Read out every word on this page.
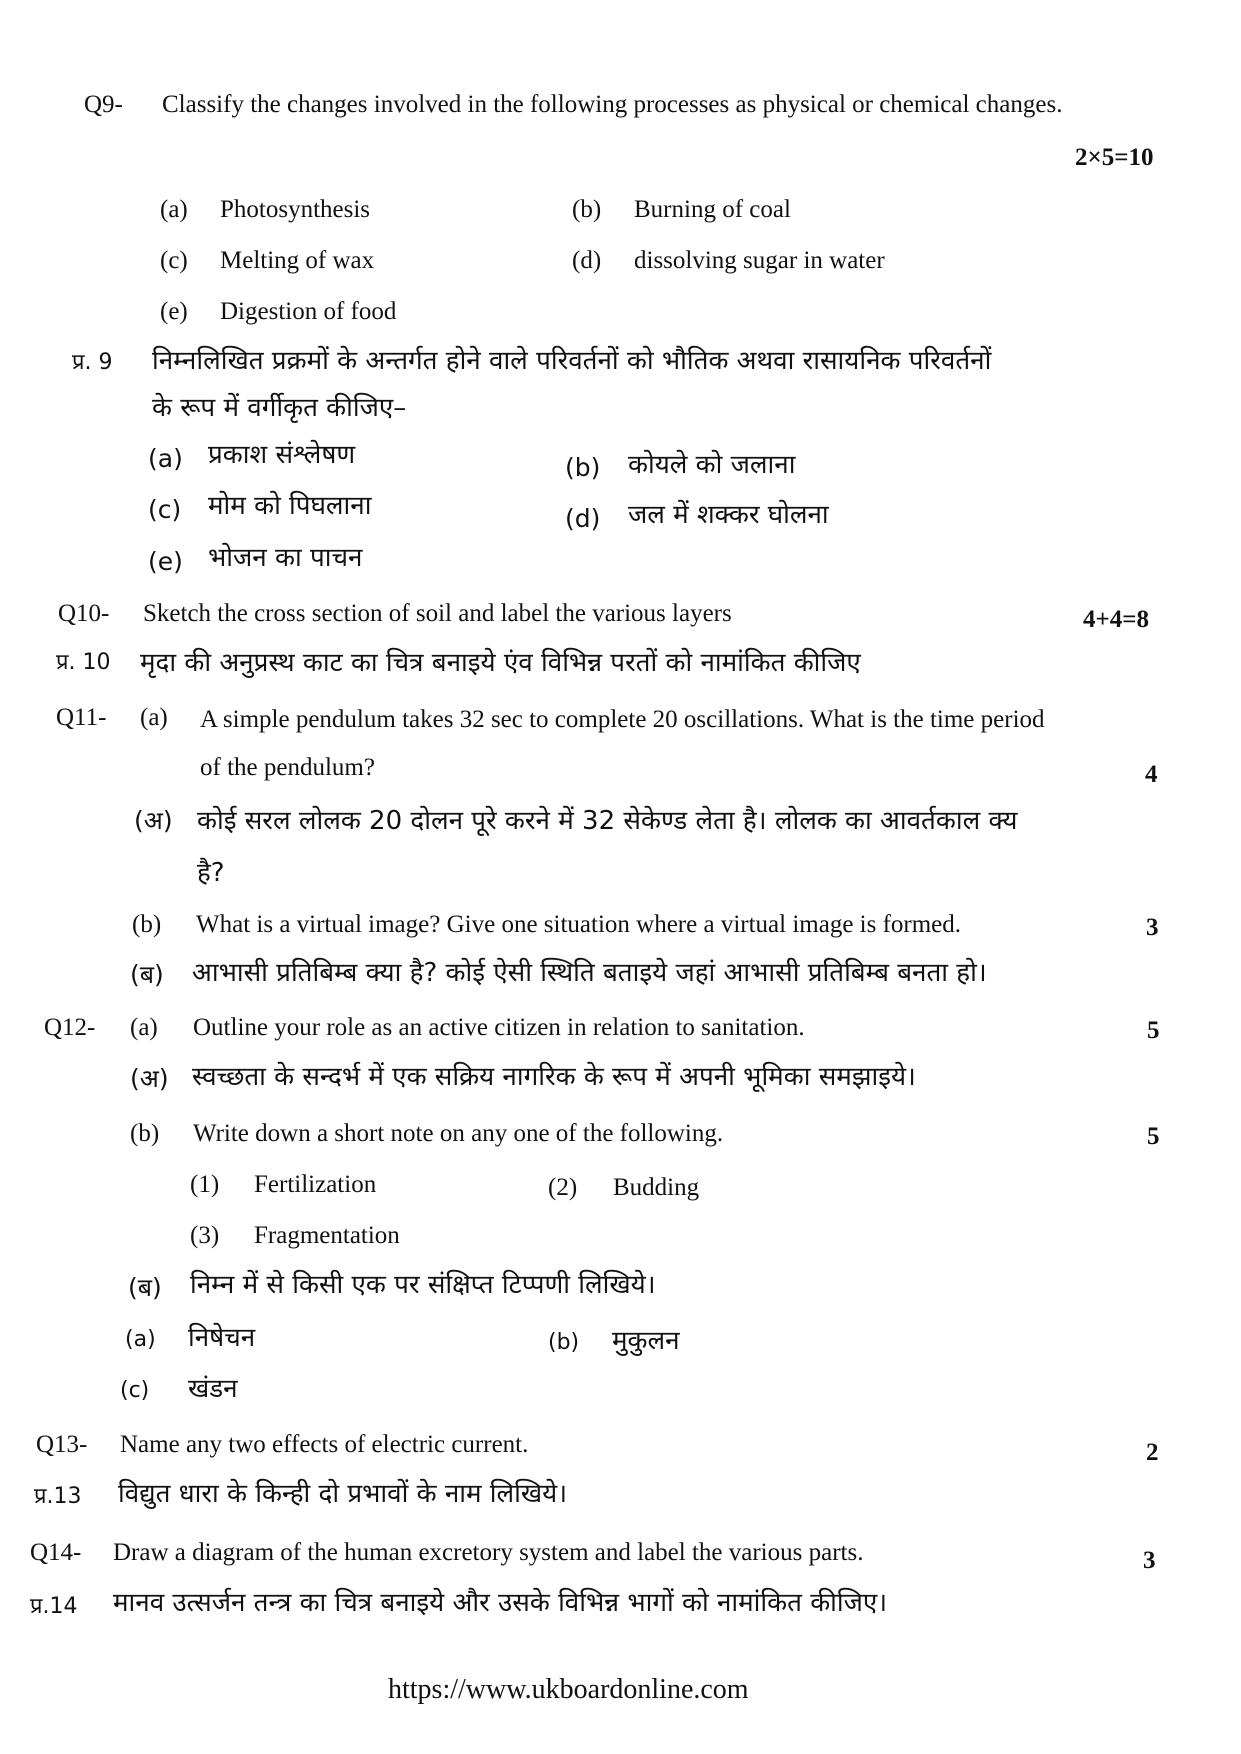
Q9- Classify the changes involved in the following processes as physical or chemical changes.
2×5=10
(a) Photosynthesis	(b) Burning of coal
(c) Melting of wax	(d) dissolving sugar in water
(e) Digestion of food
प्र. 9 निम्नलिखित प्रक्रमों के अन्तर्गत होने वाले परिवर्तनों को भौतिक अथवा रासायनिक परिवर्तनों
के रूप में वर्गीकृत कीजिए–
(a) प्रकाश संश्लेषण	(b) कोयले को जलाना
(c) मोम को पिघलाना	(d) जल में शक्कर घोलना
(e) भोजन का पाचन
Q10- Sketch the cross section of soil and label the various layers	4+4=8
प्र. 10 मृदा की अनुप्रस्थ काट का चित्र बनाइये एंव विभिन्न परतों को नामांकित कीजिए
Q11- (a) A simple pendulum takes 32 sec to complete 20 oscillations. What is the time period
of the pendulum?	4
(अ) कोई सरल लोलक 20 दोलन पूरे करने में 32 सेकेण्ड लेता है। लोलक का आवर्तकाल क्य
है?
(b) What is a virtual image? Give one situation where a virtual image is formed.	3
(ब) आभासी प्रतिबिम्ब क्या है? कोई ऐसी स्थिति बताइये जहां आभासी प्रतिबिम्ब बनता हो।
Q12- (a) Outline your role as an active citizen in relation to sanitation.	5
(अ) स्वच्छता के सन्दर्भ में एक सक्रिय नागरिक के रूप में अपनी भूमिका समझाइये।
(b) Write down a short note on any one of the following.	5
(1) Fertilization	(2) Budding
(3) Fragmentation
(ब) निम्न में से किसी एक पर संक्षिप्त टिप्पणी लिखिये।
(a) निषेचन	(b) मुकुलन
(c) खंडन
Q13- Name any two effects of electric current.	2
प्र.13 विद्युत धारा के किन्ही दो प्रभावों के नाम लिखिये।
Q14- Draw a diagram of the human excretory system and label the various parts.	3
प्र.14 मानव उत्सर्जन तन्त्र का चित्र बनाइये और उसके विभिन्न भागों को नामांकित कीजिए।
https://www.ukboardonline.com
